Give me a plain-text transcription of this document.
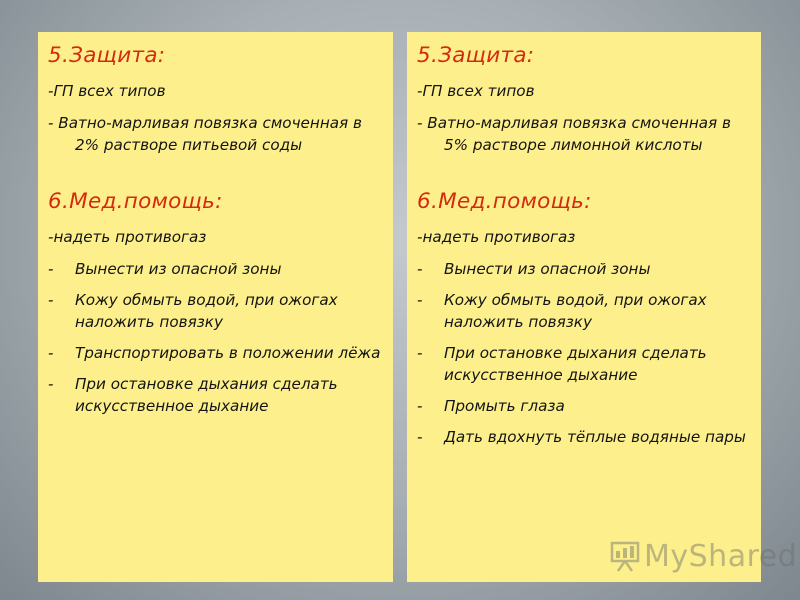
5.Защита:

-ГП всех типов

- Ватно-марливая повязка смоченная в 2% растворе питьевой соды

6.Мед.помощь:

-надеть противогаз

- Вынести из опасной зоны
- Кожу обмыть водой, при ожогах наложить повязку
- Транспортировать в положении лёжа
- При остановке дыхания сделать искусственное дыхание
5.Защита:

-ГП всех типов

- Ватно-марливая повязка смоченная в 5% растворе лимонной кислоты

6.Мед.помощь:

-надеть противогаз

- Вынести из опасной зоны
- Кожу обмыть водой, при ожогах наложить повязку
- При остановке дыхания сделать искусственное дыхание
- Промыть глаза
- Дать вдохнуть тёплые водяные пары
MyShared
